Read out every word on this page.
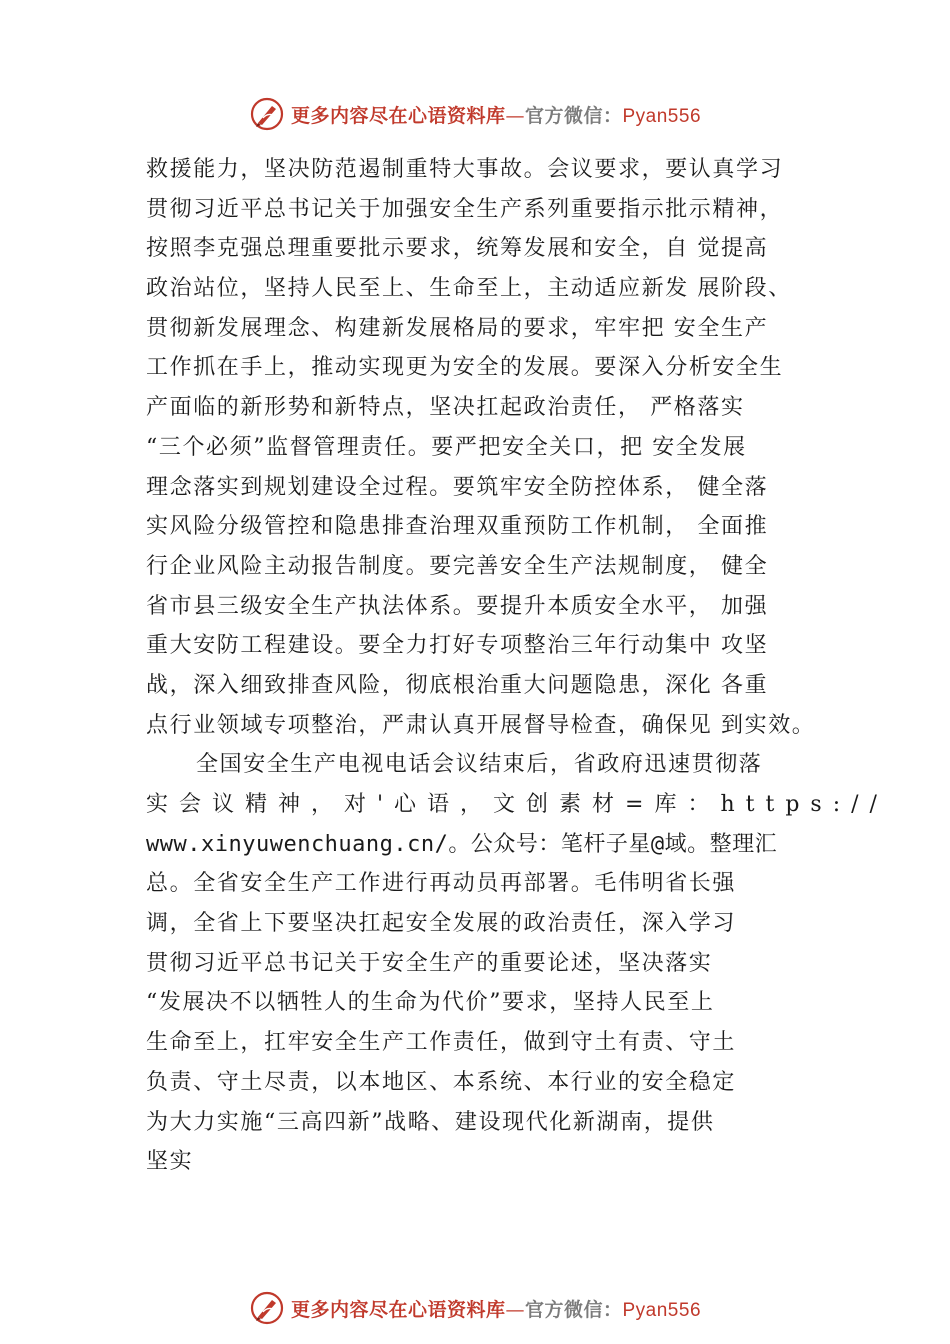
更多内容尽在心语资料库—官方微信：Pyan556
救援能力，坚决防范遏制重特大事故。会议要求，要认真学习
贯彻习近平总书记关于加强安全生产系列重要指示批示精神，
按照李克强总理重要批示要求，统筹发展和安全，自 觉提高
政治站位，坚持人民至上、生命至上，主动适应新发 展阶段、
贯彻新发展理念、构建新发展格局的要求，牢牢把 安全生产
工作抓在手上，推动实现更为安全的发展。要深入分析安全生
产面临的新形势和新特点，坚决扛起政治责任， 严格落实
“三个必须”监督管理责任。要严把安全关口，把 安全发展
理念落实到规划建设全过程。要筑牢安全防控体系， 健全落
实风险分级管控和隐患排查治理双重预防工作机制， 全面推
行企业风险主动报告制度。要完善安全生产法规制度， 健全
省市县三级安全生产执法体系。要提升本质安全水平， 加强
重大安防工程建设。要全力打好专项整治三年行动集中 攻坚
战，深入细致排查风险，彻底根治重大问题隐患，深化 各重
点行业领域专项整治，严肃认真开展督导检查，确保见 到实效。
全国安全生产电视电话会议结束后，省政府迅速贯彻落
实会议精神，对'心语，文创素材=库：https://
www.xinyuwenchuang.cn/。公众号：笔杆子星@域。整理汇
总。全省安全生产工作进行再动员再部署。毛伟明省长强
调，全省上下要坚决扛起安全发展的政治责任，深入学习
贯彻习近平总书记关于安全生产的重要论述，坚决落实
“发展决不以牺牲人的生命为代价”要求，坚持人民至上
生命至上，扛牢安全生产工作责任，做到守土有责、守土
负责、守土尽责，以本地区、本系统、本行业的安全稳定
为大力实施“三高四新”战略、建设现代化新湖南，提供
坚实
更多内容尽在心语资料库—官方微信：Pyan556
